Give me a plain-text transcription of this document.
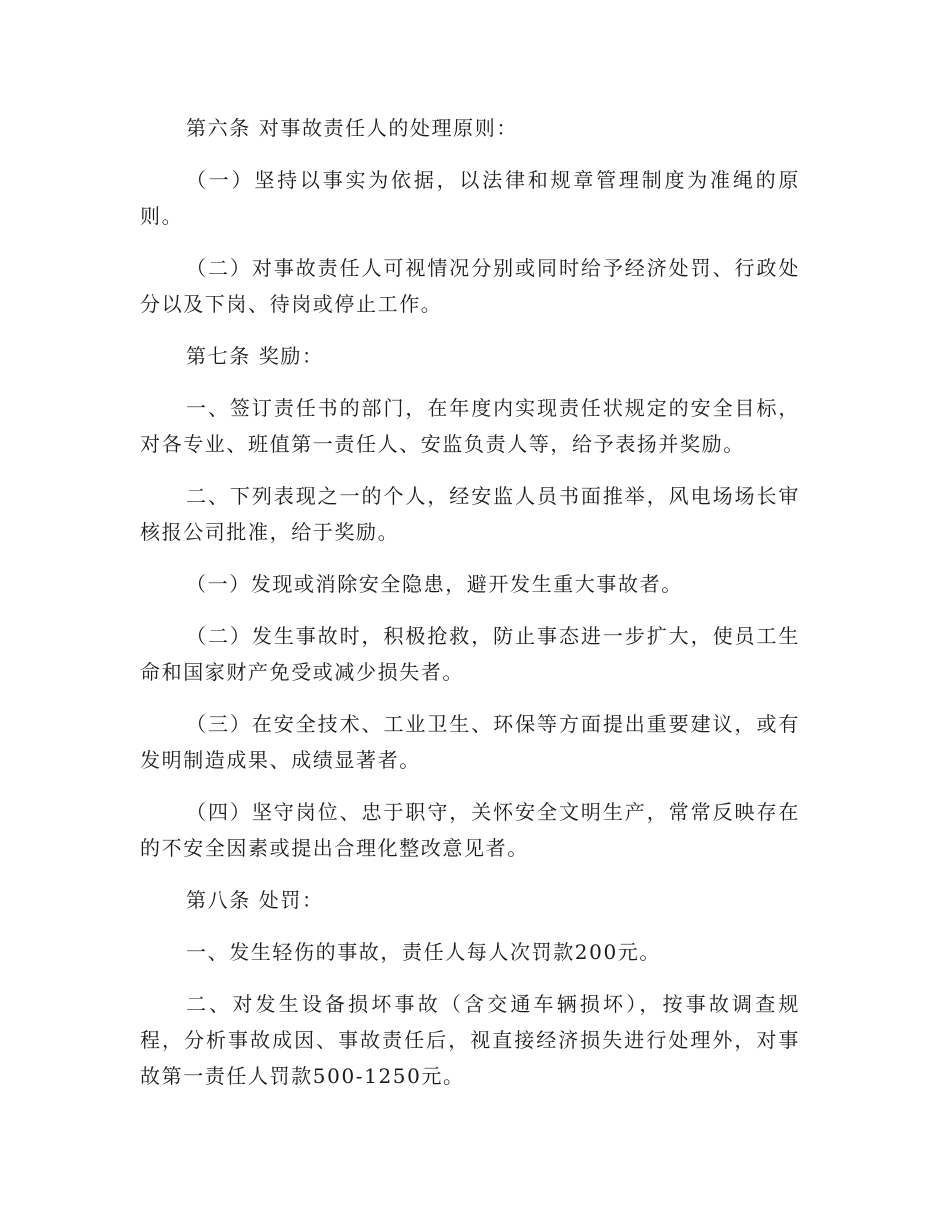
第六条 对事故责任人的处理原则：

（一）坚持以事实为依据，以法律和规章管理制度为准绳的原则。

（二）对事故责任人可视情况分别或同时给予经济处罚、行政处分以及下岗、待岗或停止工作。

第七条 奖励：

一、签订责任书的部门，在年度内实现责任状规定的安全目标，对各专业、班值第一责任人、安监负责人等，给予表扬并奖励。

二、下列表现之一的个人，经安监人员书面推举，风电场场长审核报公司批准，给于奖励。

（一）发现或消除安全隐患，避开发生重大事故者。

（二）发生事故时，积极抢救，防止事态进一步扩大，使员工生命和国家财产免受或减少损失者。

（三）在安全技术、工业卫生、环保等方面提出重要建议，或有发明制造成果、成绩显著者。

（四）坚守岗位、忠于职守，关怀安全文明生产，常常反映存在的不安全因素或提出合理化整改意见者。

第八条 处罚：

一、发生轻伤的事故，责任人每人次罚款200元。

二、对发生设备损坏事故（含交通车辆损坏），按事故调查规程，分析事故成因、事故责任后，视直接经济损失进行处理外，对事故第一责任人罚款500-1250元。
